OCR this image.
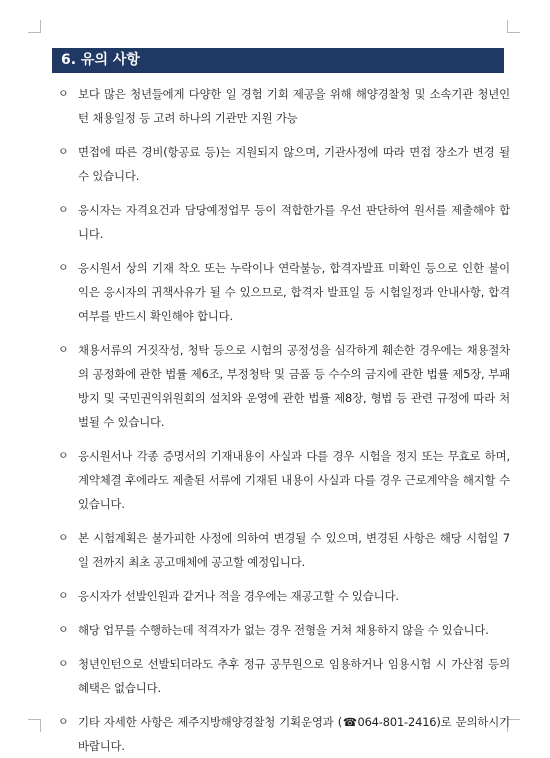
6. 유의 사항
ㅇ 보다 많은 청년들에게 다양한 일 경험 기회 제공을 위해 해양경찰청 및 소속기관 청년인턴 채용일정 등 고려 하나의 기관만 지원 가능
ㅇ 면접에 따른 경비(항공료 등)는 지원되지 않으며, 기관사정에 따라 면접 장소가 변경 될 수 있습니다.
ㅇ 응시자는 자격요건과 담당예정업무 등이 적합한가를 우선 판단하여 원서를 제출해야 합니다.
ㅇ 응시원서 상의 기재 착오 또는 누락이나 연락불능, 합격자발표 미확인 등으로 인한 불이익은 응시자의 귀책사유가 될 수 있으므로, 합격자 발표일 등 시험일정과 안내사항, 합격여부를 반드시 확인해야 합니다.
ㅇ 채용서류의 거짓작성, 청탁 등으로 시험의 공정성을 심각하게 훼손한 경우에는 채용절차의 공정화에 관한 법률 제6조, 부정청탁 및 금품 등 수수의 금지에 관한 법률 제5장, 부패방지 및 국민권익위원회의 설치와 운영에 관한 법률 제8장, 형법 등 관련 규정에 따라 처벌될 수 있습니다.
ㅇ 응시원서나 각종 증명서의 기재내용이 사실과 다를 경우 시험을 정지 또는 무효로 하며, 계약체결 후에라도 제출된 서류에 기재된 내용이 사실과 다를 경우 근로계약을 해지할 수 있습니다.
ㅇ 본 시험계획은 불가피한 사정에 의하여 변경될 수 있으며, 변경된 사항은 해당 시험일 7일 전까지 최초 공고매체에 공고할 예정입니다.
ㅇ 응시자가 선발인원과 같거나 적을 경우에는 재공고할 수 있습니다.
ㅇ 해당 업무를 수행하는데 적격자가 없는 경우 전형을 거쳐 채용하지 않을 수 있습니다.
ㅇ 청년인턴으로 선발되더라도 추후 정규 공무원으로 임용하거나 임용시험 시 가산점 등의 혜택은 없습니다.
ㅇ 기타 자세한 사항은 제주지방해양경찰청 기획운영과 (☎064-801-2416)로 문의하시기 바랍니다.
